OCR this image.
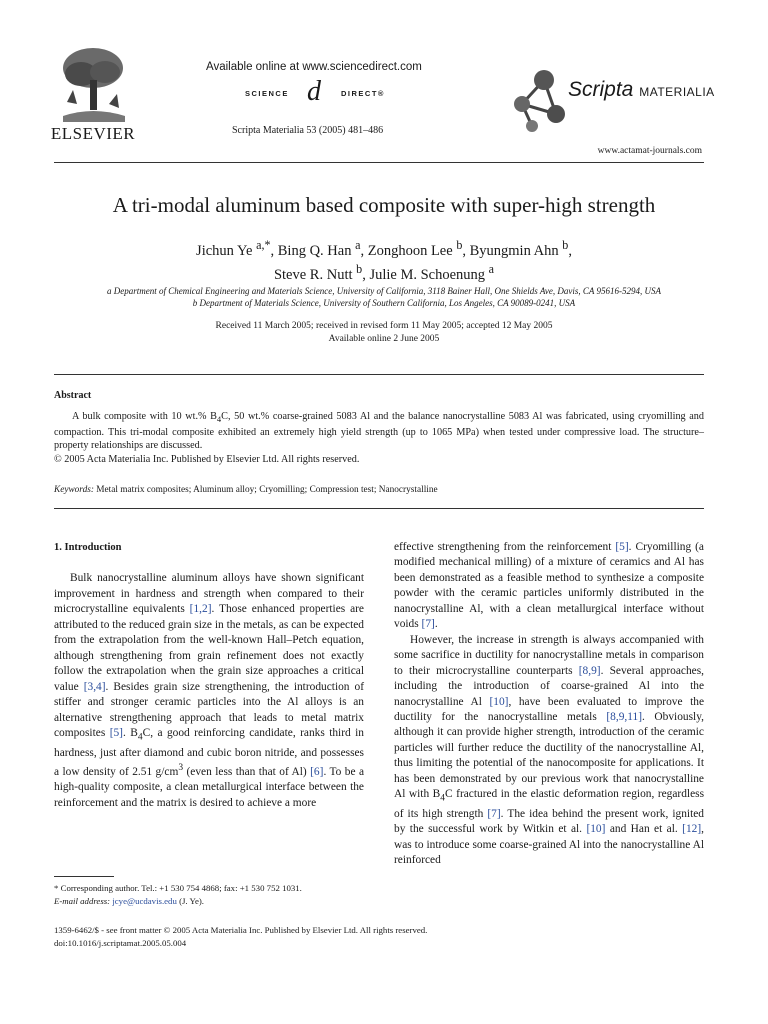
ELSEVIER
Available online at www.sciencedirect.com
SCIENCE d	DIRECT®
Scripta Materialia 53 (2005) 481–486
Scripta MATERIALIA
www.actamat-journals.com
A tri-modal aluminum based composite with super-high strength
Jichun Ye $^{a,*}$, Bing Q. Han $^a$, Zonghoon Lee $^b$, Byungmin Ahn $^b$,
Steve R. Nutt $^b$, Julie M. Schoenung $^a$
a Department of Chemical Engineering and Materials Science, University of California, 3118 Bainer Hall, One Shields Ave, Davis, CA 95616-5294, USA
b Department of Materials Science, University of Southern California, Los Angeles, CA 90089-0241, USA
Received 11 March 2005; received in revised form 11 May 2005; accepted 12 May 2005
Available online 2 June 2005
Abstract

A bulk composite with 10 wt.% $B_4C$, 50 wt.% coarse-grained 5083 Al and the balance nanocrystalline 5083 Al was fabricated, using cryomilling and compaction. This tri-modal composite exhibited an extremely high yield strength (up to 1065 MPa) when tested under compressive load. The structure–property relationships are discussed.

© 2005 Acta Materialia Inc. Published by Elsevier Ltd. All rights reserved.

Keywords: Metal matrix composites; Aluminum alloy; Cryomilling; Compression test; Nanocrystalline
1. Introduction

Bulk nanocrystalline aluminum alloys have shown significant improvement in hardness and strength when compared to their microcrystalline equivalents [1,2]. Those enhanced properties are attributed to the reduced grain size in the metals, as can be expected from the extrapolation from the well-known Hall–Petch equation, although strengthening from grain refinement does not exactly follow the extrapolation when the grain size approaches a critical value [3,4]. Besides grain size strengthening, the introduction of stiffer and stronger ceramic particles into the Al alloys is an alternative strengthening approach that leads to metal matrix composites [5]. $B_4C$, a good reinforcing candidate, ranks third in hardness, just after diamond and cubic boron nitride, and possesses a low density of 2.51 $g/cm^3$ (even less than that of Al) [6]. To be a high-quality composite, a clean metallurgical interface between the reinforcement and the matrix is desired to achieve a more

effective strengthening from the reinforcement [5]. Cryomilling (a modified mechanical milling) of a mixture of ceramics and Al has been demonstrated as a feasible method to synthesize a composite powder with the ceramic particles uniformly distributed in the nanocrystalline Al, with a clean metallurgical interface without voids [7].

However, the increase in strength is always accompanied with some sacrifice in ductility for nanocrystalline metals in comparison to their microcrystalline counterparts [8,9]. Several approaches, including the introduction of coarse-grained Al into the nanocrystalline Al [10], have been evaluated to improve the ductility for the nanocrystalline metals [8,9,11]. Obviously, although it can provide higher strength, introduction of the ceramic particles will further reduce the ductility of the nanocrystalline Al, thus limiting the potential of the nanocomposite for applications. It has been demonstrated by our previous work that nanocrystalline Al with $B_4C$ fractured in the elastic deformation region, regardless of its high strength [7]. The idea behind the present work, ignited by the successful work by Witkin et al. [10] and Han et al. [12], was to introduce some coarse-grained Al into the nanocrystalline Al reinforced

* Corresponding author. Tel.: +1 530 754 4868; fax: +1 530 752 1031.
E-mail address: jcye@ucdavis.edu (J. Ye).
1359-6462/$ - see front matter © 2005 Acta Materialia Inc. Published by Elsevier Ltd. All rights reserved.
doi:10.1016/j.scriptamat.2005.05.004
